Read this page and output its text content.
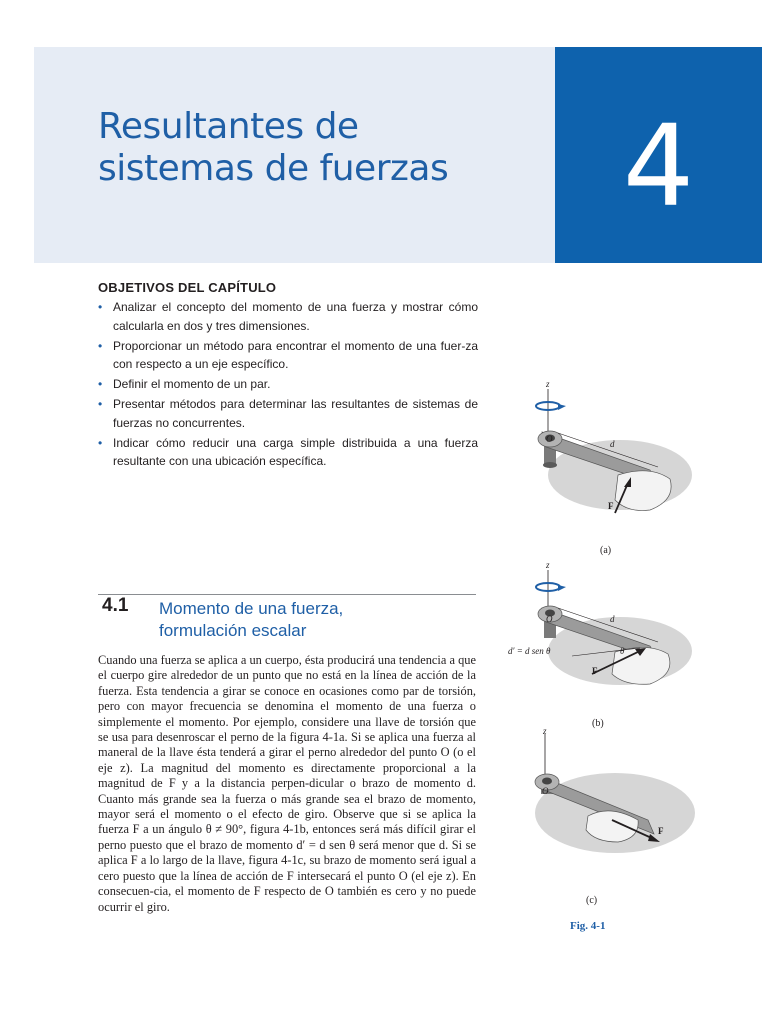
Resultantes de
sistemas de fuerzas	4
OBJETIVOS DEL CAPÍTULO
• Analizar el concepto del momento de una fuerza y mostrar cómo calcularla en dos y tres dimensiones.
• Proporcionar un método para encontrar el momento de una fuer-za con respecto a un eje específico.
• Definir el momento de un par.
• Presentar métodos para determinar las resultantes de sistemas de fuerzas no concurrentes.
• Indicar cómo reducir una carga simple distribuida a una fuerza resultante con una ubicación específica.
4.1 Momento de una fuerza,
formulación escalar

Cuando una fuerza se aplica a un cuerpo, ésta producirá una tendencia a que el cuerpo gire alrededor de un punto que no está en la línea de acción de la fuerza. Esta tendencia a girar se conoce en ocasiones como par de torsión, pero con mayor frecuencia se denomina el momento de una fuerza o simplemente el momento. Por ejemplo, considere una llave de torsión que se usa para desenroscar el perno de la figura 4-1a. Si se aplica una fuerza al maneral de la llave ésta tenderá a girar el perno alrededor del punto O (o el eje z). La magnitud del momento es directamente proporcional a la magnitud de F y a la distancia perpen-dicular o brazo de momento d. Cuanto más grande sea la fuerza o más grande sea el brazo de momento, mayor será el momento o el efecto de giro. Observe que si se aplica la fuerza F a un ángulo θ ≠ 90°, figura 4-1b, entonces será más difícil girar el perno puesto que el brazo de momento d′ = d sen θ será menor que d. Si se aplica F a lo largo de la llave, figura 4-1c, su brazo de momento será igual a cero puesto que la línea de acción de F intersecará el punto O (el eje z). En consecuen-cia, el momento de F respecto de O también es cero y no puede ocurrir el giro.

z
O	d
F
(a)
z
O	d
d′ = d sen θ	θ
F
(b)
z
O
F
(c)
Fig. 4-1
